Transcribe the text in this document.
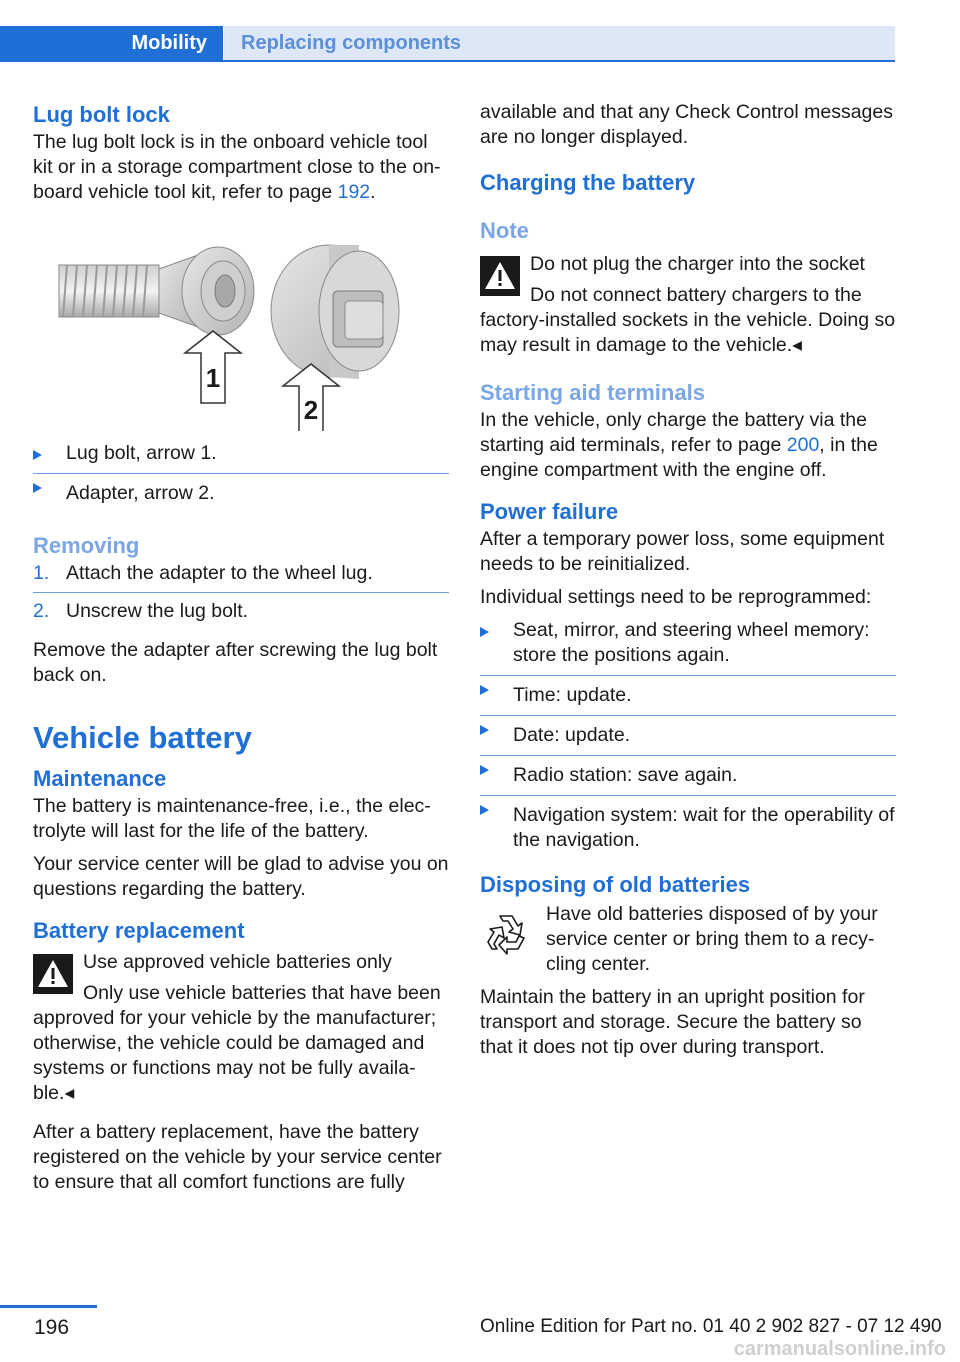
Mobility	Replacing components
Lug bolt lock

The lug bolt lock is in the onboard vehicle tool kit or in a storage compartment close to the on‐board vehicle tool kit, refer to page 192.

1
2
Lug bolt, arrow 1.
Adapter, arrow 2.
Removing
1. Attach the adapter to the wheel lug.
2. Unscrew the lug bolt.

Remove the adapter after screwing the lug bolt back on.

Vehicle battery
Maintenance

The battery is maintenance-free, i.e., the elec‐trolyte will last for the life of the battery.

Your service center will be glad to advise you on questions regarding the battery.

Battery replacement

Use approved vehicle batteries only

Only use vehicle batteries that have been approved for your vehicle by the manufacturer; otherwise, the vehicle could be damaged and systems or functions may not be fully availa‐ble.◂

After a battery replacement, have the battery registered on the vehicle by your service center to ensure that all comfort functions are fully

available and that any Check Control messages are no longer displayed.

Charging the battery
Note

Do not plug the charger into the socket

Do not connect battery chargers to the factory-installed sockets in the vehicle. Doing so may result in damage to the vehicle.◂

Starting aid terminals

In the vehicle, only charge the battery via the starting aid terminals, refer to page 200, in the engine compartment with the engine off.

Power failure

After a temporary power loss, some equipment needs to be reinitialized.

Individual settings need to be reprogrammed:

Seat, mirror, and steering wheel memory: store the positions again.
Time: update.
Date: update.
Radio station: save again.
Navigation system: wait for the operability of the navigation.
Disposing of old batteries

Have old batteries disposed of by your service center or bring them to a recy‐cling center.

Maintain the battery in an upright position for transport and storage. Secure the battery so that it does not tip over during transport.

196	Online Edition for Part no. 01 40 2 902 827 - 07 12 490
carmanualsonline.info
